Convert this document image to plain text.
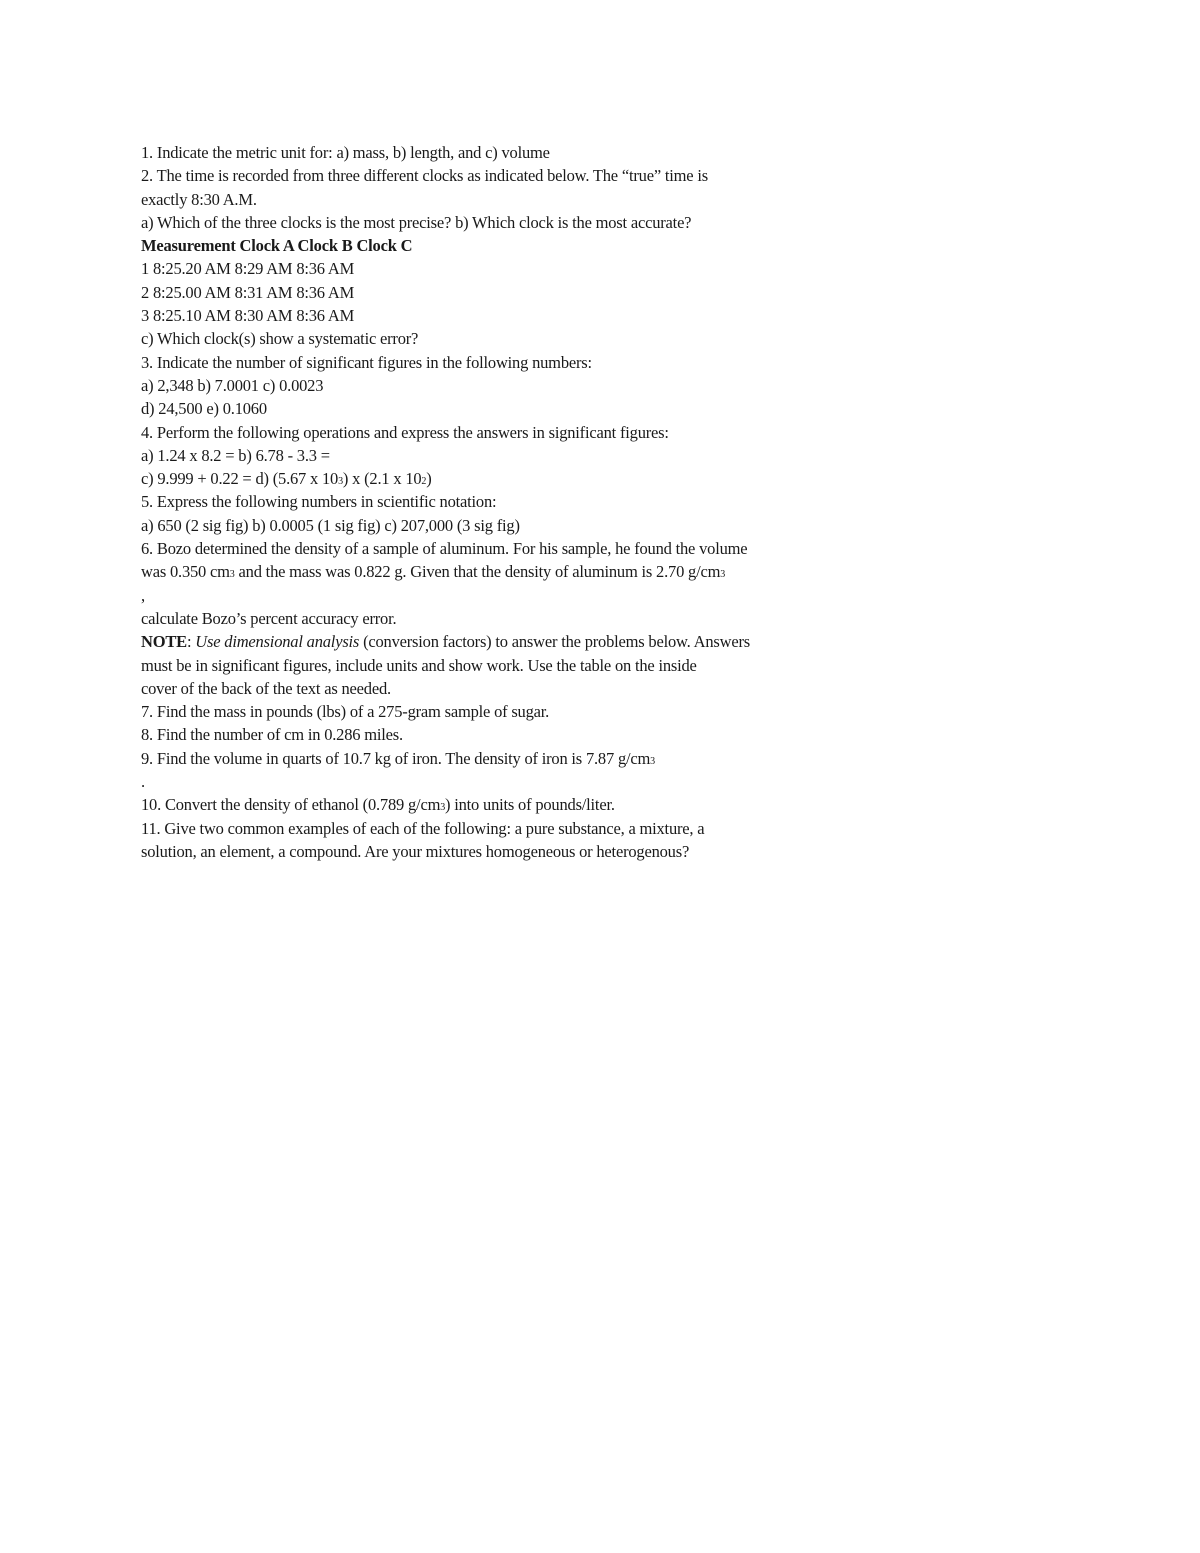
1. Indicate the metric unit for: a) mass, b) length, and c) volume
2. The time is recorded from three different clocks as indicated below. The “true” time is
exactly 8:30 A.M.
a) Which of the three clocks is the most precise? b) Which clock is the most accurate?
Measurement Clock A Clock B Clock C
1 8:25.20 AM 8:29 AM 8:36 AM
2 8:25.00 AM 8:31 AM 8:36 AM
3 8:25.10 AM 8:30 AM 8:36 AM
c) Which clock(s) show a systematic error?
3. Indicate the number of significant figures in the following numbers:
a) 2,348 b) 7.0001 c) 0.0023
d) 24,500 e) 0.1060
4. Perform the following operations and express the answers in significant figures:
a) 1.24 x 8.2 = b) 6.78 - 3.3 =
c) 9.999 + 0.22 = d) (5.67 x 103) x (2.1 x 102)
5. Express the following numbers in scientific notation:
a) 650 (2 sig fig) b) 0.0005 (1 sig fig) c) 207,000 (3 sig fig)
6. Bozo determined the density of a sample of aluminum. For his sample, he found the volume
was 0.350 cm3 and the mass was 0.822 g. Given that the density of aluminum is 2.70 g/cm3
,
calculate Bozo’s percent accuracy error.
NOTE: Use dimensional analysis (conversion factors) to answer the problems below. Answers
must be in significant figures, include units and show work. Use the table on the inside
cover of the back of the text as needed.
7. Find the mass in pounds (lbs) of a 275-gram sample of sugar.
8. Find the number of cm in 0.286 miles.
9. Find the volume in quarts of 10.7 kg of iron. The density of iron is 7.87 g/cm3
.
10. Convert the density of ethanol (0.789 g/cm3) into units of pounds/liter.
11. Give two common examples of each of the following: a pure substance, a mixture, a
solution, an element, a compound. Are your mixtures homogeneous or heterogenous?
